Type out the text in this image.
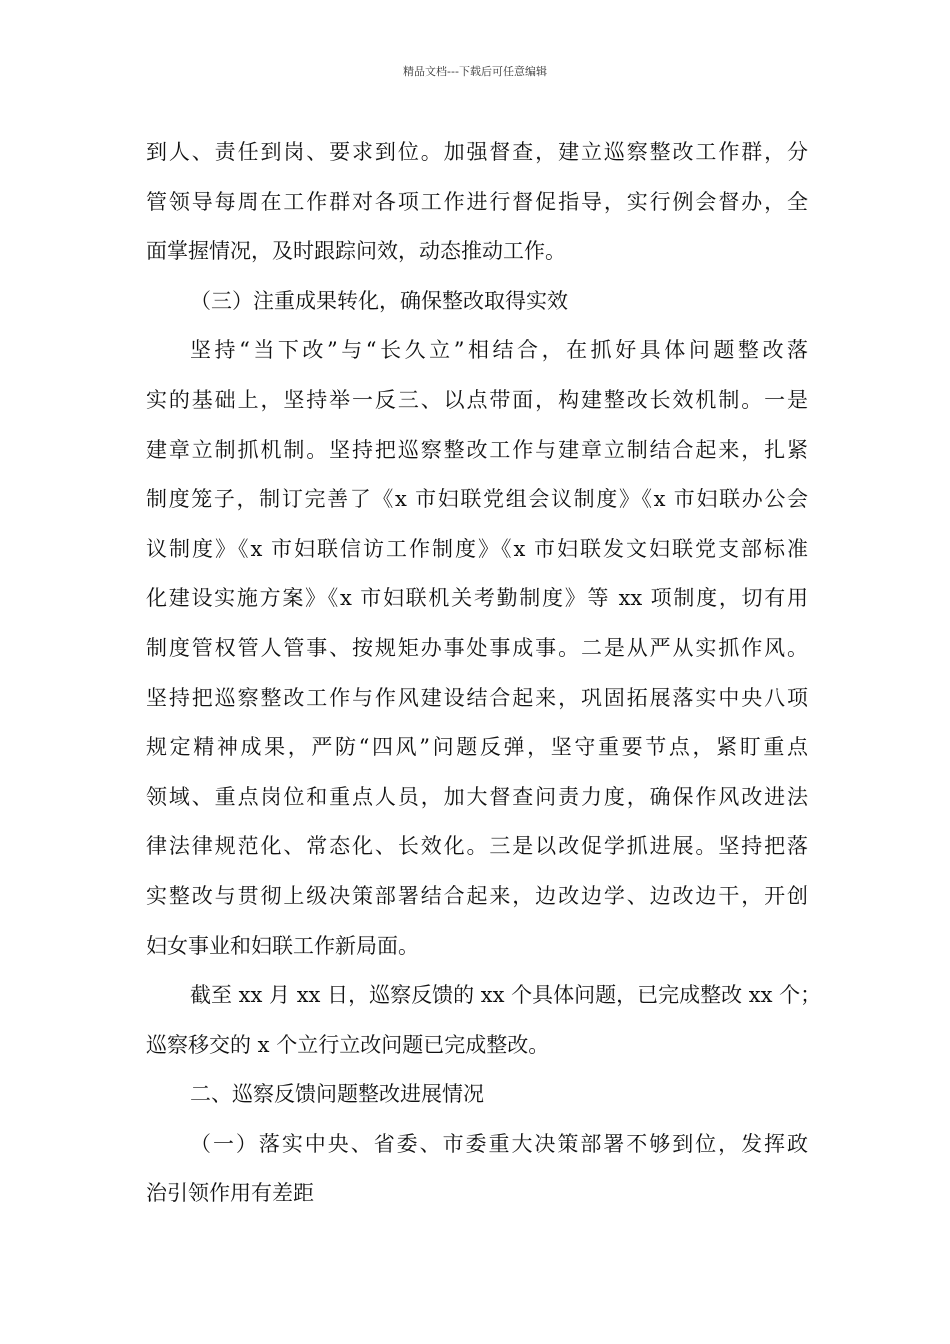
精品文档---下载后可任意编辑
到人、责任到岗、要求到位。加强督查，建立巡察整改工作群，分
管领导每周在工作群对各项工作进行督促指导，实行例会督办，全
面掌握情况，及时跟踪问效，动态推动工作。
（三）注重成果转化，确保整改取得实效
坚持“当下改”与“长久立”相结合，在抓好具体问题整改落
实的基础上，坚持举一反三、以点带面，构建整改长效机制。一是
建章立制抓机制。坚持把巡察整改工作与建章立制结合起来，扎紧
制度笼子，制订完善了《x 市妇联党组会议制度》《x 市妇联办公会
议制度》《x 市妇联信访工作制度》《x 市妇联发文妇联党支部标准
化建设实施方案》《x 市妇联机关考勤制度》等 xx 项制度，切有用
制度管权管人管事、按规矩办事处事成事。二是从严从实抓作风。
坚持把巡察整改工作与作风建设结合起来，巩固拓展落实中央八项
规定精神成果，严防“四风”问题反弹，坚守重要节点，紧盯重点
领域、重点岗位和重点人员，加大督查问责力度，确保作风改进法
律法律规范化、常态化、长效化。三是以改促学抓进展。坚持把落
实整改与贯彻上级决策部署结合起来，边改边学、边改边干，开创
妇女事业和妇联工作新局面。
截至 xx 月 xx 日，巡察反馈的 xx 个具体问题，已完成整改 xx 个；
巡察移交的 x 个立行立改问题已完成整改。
二、巡察反馈问题整改进展情况
（一）落实中央、省委、市委重大决策部署不够到位，发挥政
治引领作用有差距
